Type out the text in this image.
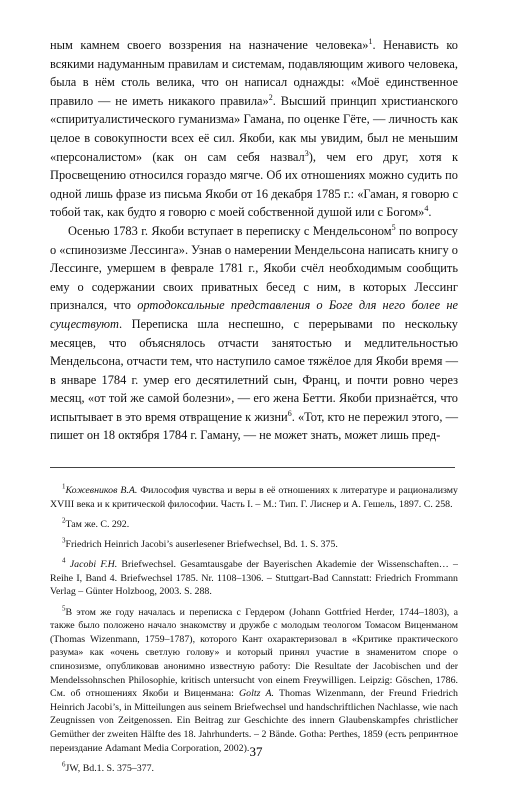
ным камнем своего воззрения на назначение человека»$^1$. Ненависть ко всякими надуманным правилам и системам, подавляющим живого человека, была в нём столь велика, что он написал однажды: «Моё единственное правило — не иметь никакого правила»$^2$. Высший принцип христианского «спиритуалистического гуманизма» Гамана, по оценке Гёте, — личность как целое в совокупности всех её сил. Якоби, как мы увидим, был не меньшим «персоналистом» (как он сам себя назвал$^3$), чем его друг, хотя к Просвещению относился гораздо мягче. Об их отношениях можно судить по одной лишь фразе из письма Якоби от 16 декабря 1785 г.: «Гаман, я говорю с тобой так, как будто я говорю с моей собственной душой или с Богом»$^4$.

Осенью 1783 г. Якоби вступает в переписку с Мендельсоном$^5$ по вопросу о «спинозизме Лессинга». Узнав о намерении Мендельсона написать книгу о Лессинге, умершем в феврале 1781 г., Якоби счёл необходимым сообщить ему о содержании своих приватных бесед с ним, в которых Лессинг признался, что ортодоксальные представления о Боге для него более не существуют. Переписка шла неспешно, с перерывами по нескольку месяцев, что объяснялось отчасти занятостью и медлительностью Мендельсона, отчасти тем, что наступило самое тяжёлое для Якоби время — в январе 1784 г. умер его десятилетний сын, Франц, и почти ровно через месяц, «от той же самой болезни», — его жена Бетти. Якоби признаётся, что испытывает в это время отвращение к жизни$^6$. «Тот, кто не пережил этого, — пишет он 18 октября 1784 г. Гаману, — не может знать, может лишь пред-

$^1$Кожевников В.А. Философия чувства и веры в её отношениях к литературе и рационализму XVIII века и к критической философии. Часть I. – М.: Тип. Г. Лиснер и А. Гешель, 1897. С. 258.

$^2$Там же. С. 292.

$^3$Friedrich Heinrich Jacobi’s auserlesener Briefwechsel, Bd. 1. S. 375.

$^4$ Jacobi F.H. Briefwechsel. Gesamtausgabe der Bayerischen Akademie der Wissenschaften… – Reihe I, Band 4. Briefwechsel 1785. Nr. 1108–1306. – Stuttgart-Bad Cannstatt: Friedrich Frommann Verlag – Günter Holzboog, 2003. S. 288.

$^5$В этом же году началась и переписка с Гердером (Johann Gottfried Herder, 1744–1803), а также было положено начало знакомству и дружбе с молодым теологом Томасом Виценманом (Thomas Wizenmann, 1759–1787), которого Кант охарактеризовал в «Критике практического разума» как «очень светлую голову» и который принял участие в знаменитом споре о спинозизме, опубликовав анонимно известную работу: Die Resultate der Jacobischen und der Mendelssohnschen Philosophie, kritisch untersucht von einem Freywilligen. Leipzig: Göschen, 1786. См. об отношениях Якоби и Виценмана: Goltz A. Thomas Wizenmann, der Freund Friedrich Heinrich Jacobi’s, in Mitteilungen aus seinem Briefwechsel und handschriftlichen Nachlasse, wie nach Zeugnissen von Zeitgenossen. Ein Beitrag zur Geschichte des innern Glaubenskampfes christlicher Gemüther der zweiten Hälfte des 18. Jahrhunderts. – 2 Bände. Gotha: Perthes, 1859 (есть репринтное переиздание Adamant Media Corporation, 2002).

$^6$JW, Bd.1. S. 375–377.

37
